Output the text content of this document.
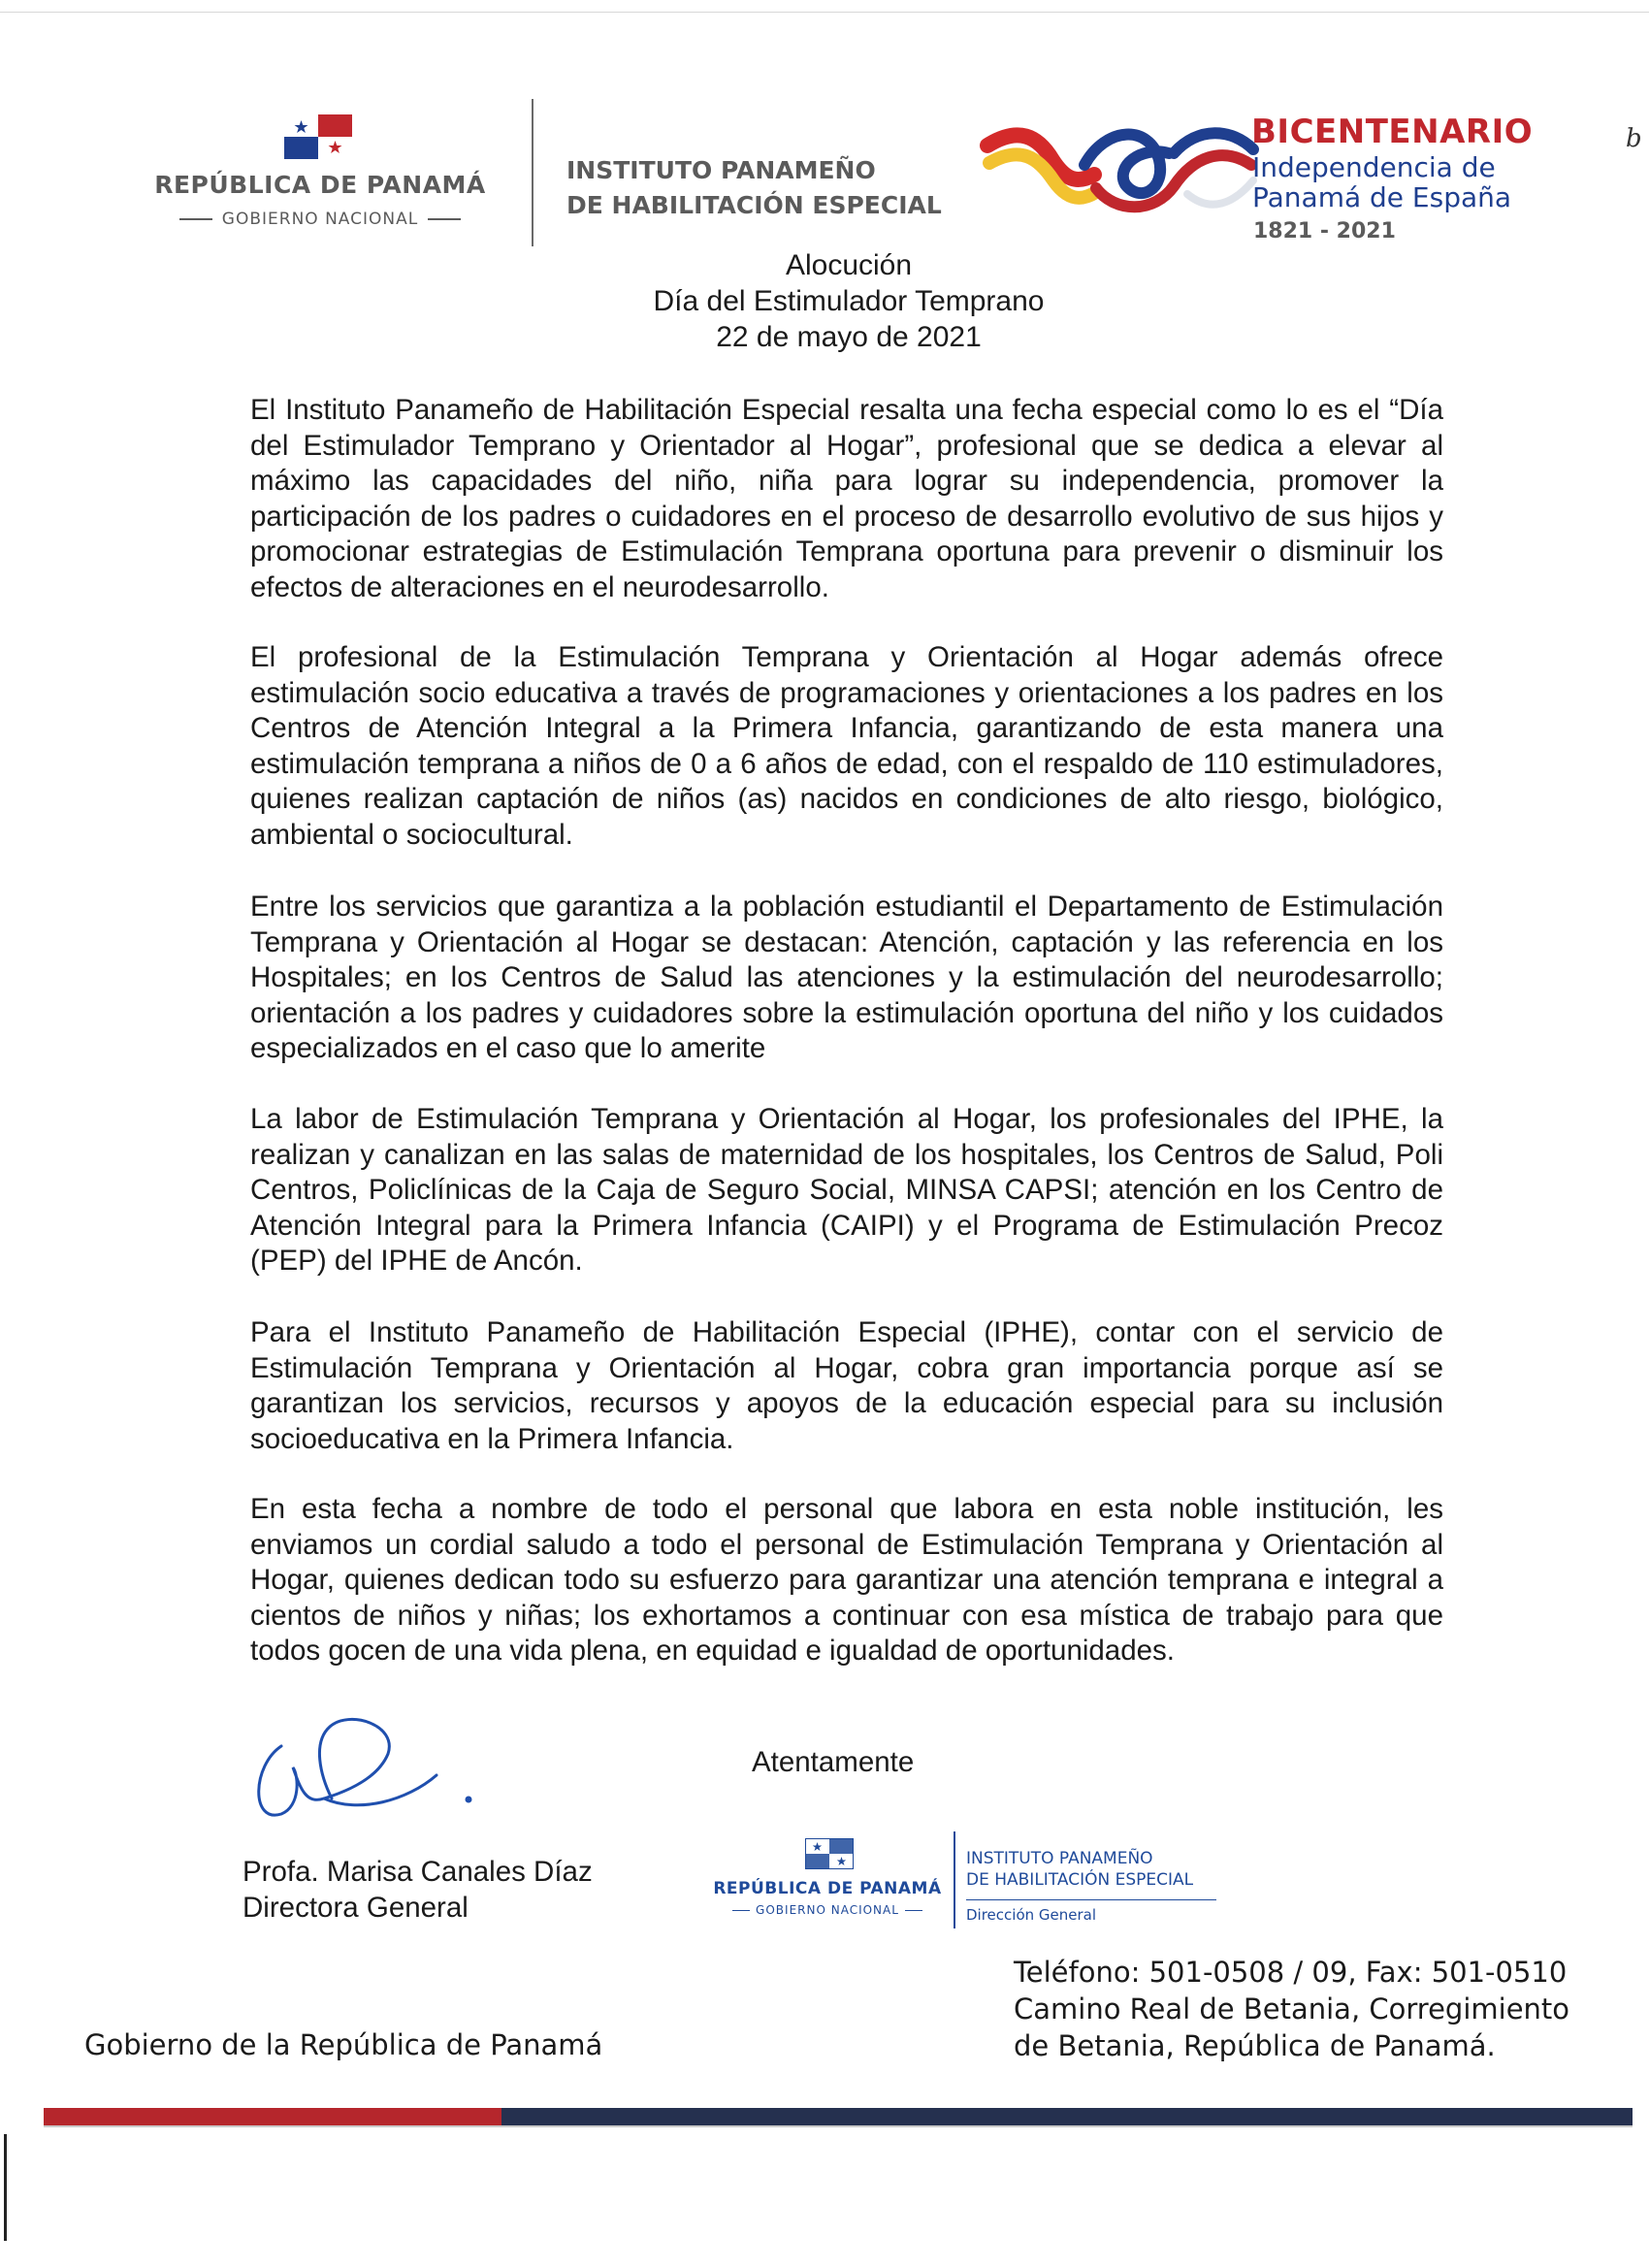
REPÚBLICA DE PANAMÁ
GOBIERNO NACIONAL
INSTITUTO PANAMEÑO
DE HABILITACIÓN ESPECIAL
BICENTENARIO
Independencia de
Panamá de España
1821 - 2021
b
Alocución
Día del Estimulador Temprano
22 de mayo de 2021
El Instituto Panameño de Habilitación Especial resalta una fecha especial como lo es el “Día del Estimulador Temprano y Orientador al Hogar”, profesional que se dedica a elevar al máximo las capacidades del niño, niña para lograr su independencia, promover la participación de los padres o cuidadores en el proceso de desarrollo evolutivo de sus hijos y promocionar estrategias de Estimulación Temprana oportuna para prevenir o disminuir los efectos de alteraciones en el neurodesarrollo.
El profesional de la Estimulación Temprana y Orientación al Hogar además ofrece estimulación socio educativa a través de programaciones y orientaciones a los padres en los Centros de Atención Integral a la Primera Infancia, garantizando de esta manera una estimulación temprana a niños de 0 a 6 años de edad, con el respaldo de 110 estimuladores, quienes realizan captación de niños (as) nacidos en condiciones de alto riesgo, biológico, ambiental o sociocultural.
Entre los servicios que garantiza a la población estudiantil el Departamento de Estimulación Temprana y Orientación al Hogar se destacan: Atención, captación y las referencia en los Hospitales; en los Centros de Salud las atenciones y la estimulación del neurodesarrollo; orientación a los padres y cuidadores sobre la estimulación oportuna del niño y los cuidados especializados en el caso que lo amerite
La labor de Estimulación Temprana y Orientación al Hogar, los profesionales del IPHE, la realizan y canalizan en las salas de maternidad de los hospitales, los Centros de Salud, Poli Centros, Policlínicas de la Caja de Seguro Social, MINSA CAPSI; atención en los Centro de Atención Integral para la Primera Infancia (CAIPI) y el Programa de Estimulación Precoz (PEP) del IPHE de Ancón.
Para el Instituto Panameño de Habilitación Especial (IPHE), contar con el servicio de Estimulación Temprana y Orientación al Hogar, cobra gran importancia porque así se garantizan los servicios, recursos y apoyos de la educación especial para su inclusión socioeducativa en la Primera Infancia.
En esta fecha a nombre de todo el personal que labora en esta noble institución, les enviamos un cordial saludo a todo el personal de Estimulación Temprana y Orientación al Hogar, quienes dedican todo su esfuerzo para garantizar una atención temprana e integral a cientos de niños y niñas; los exhortamos a continuar con esa mística de trabajo para que todos gocen de una vida plena, en equidad e igualdad de oportunidades.
Atentamente
Profa. Marisa Canales Díaz
Directora General
REPÚBLICA DE PANAMÁ
GOBIERNO NACIONAL
INSTITUTO PANAMEÑO
DE HABILITACIÓN ESPECIAL
Dirección General
Teléfono: 501-0508 / 09, Fax: 501-0510
Camino Real de Betania, Corregimiento
de Betania, República de Panamá.
Gobierno de la República de Panamá
